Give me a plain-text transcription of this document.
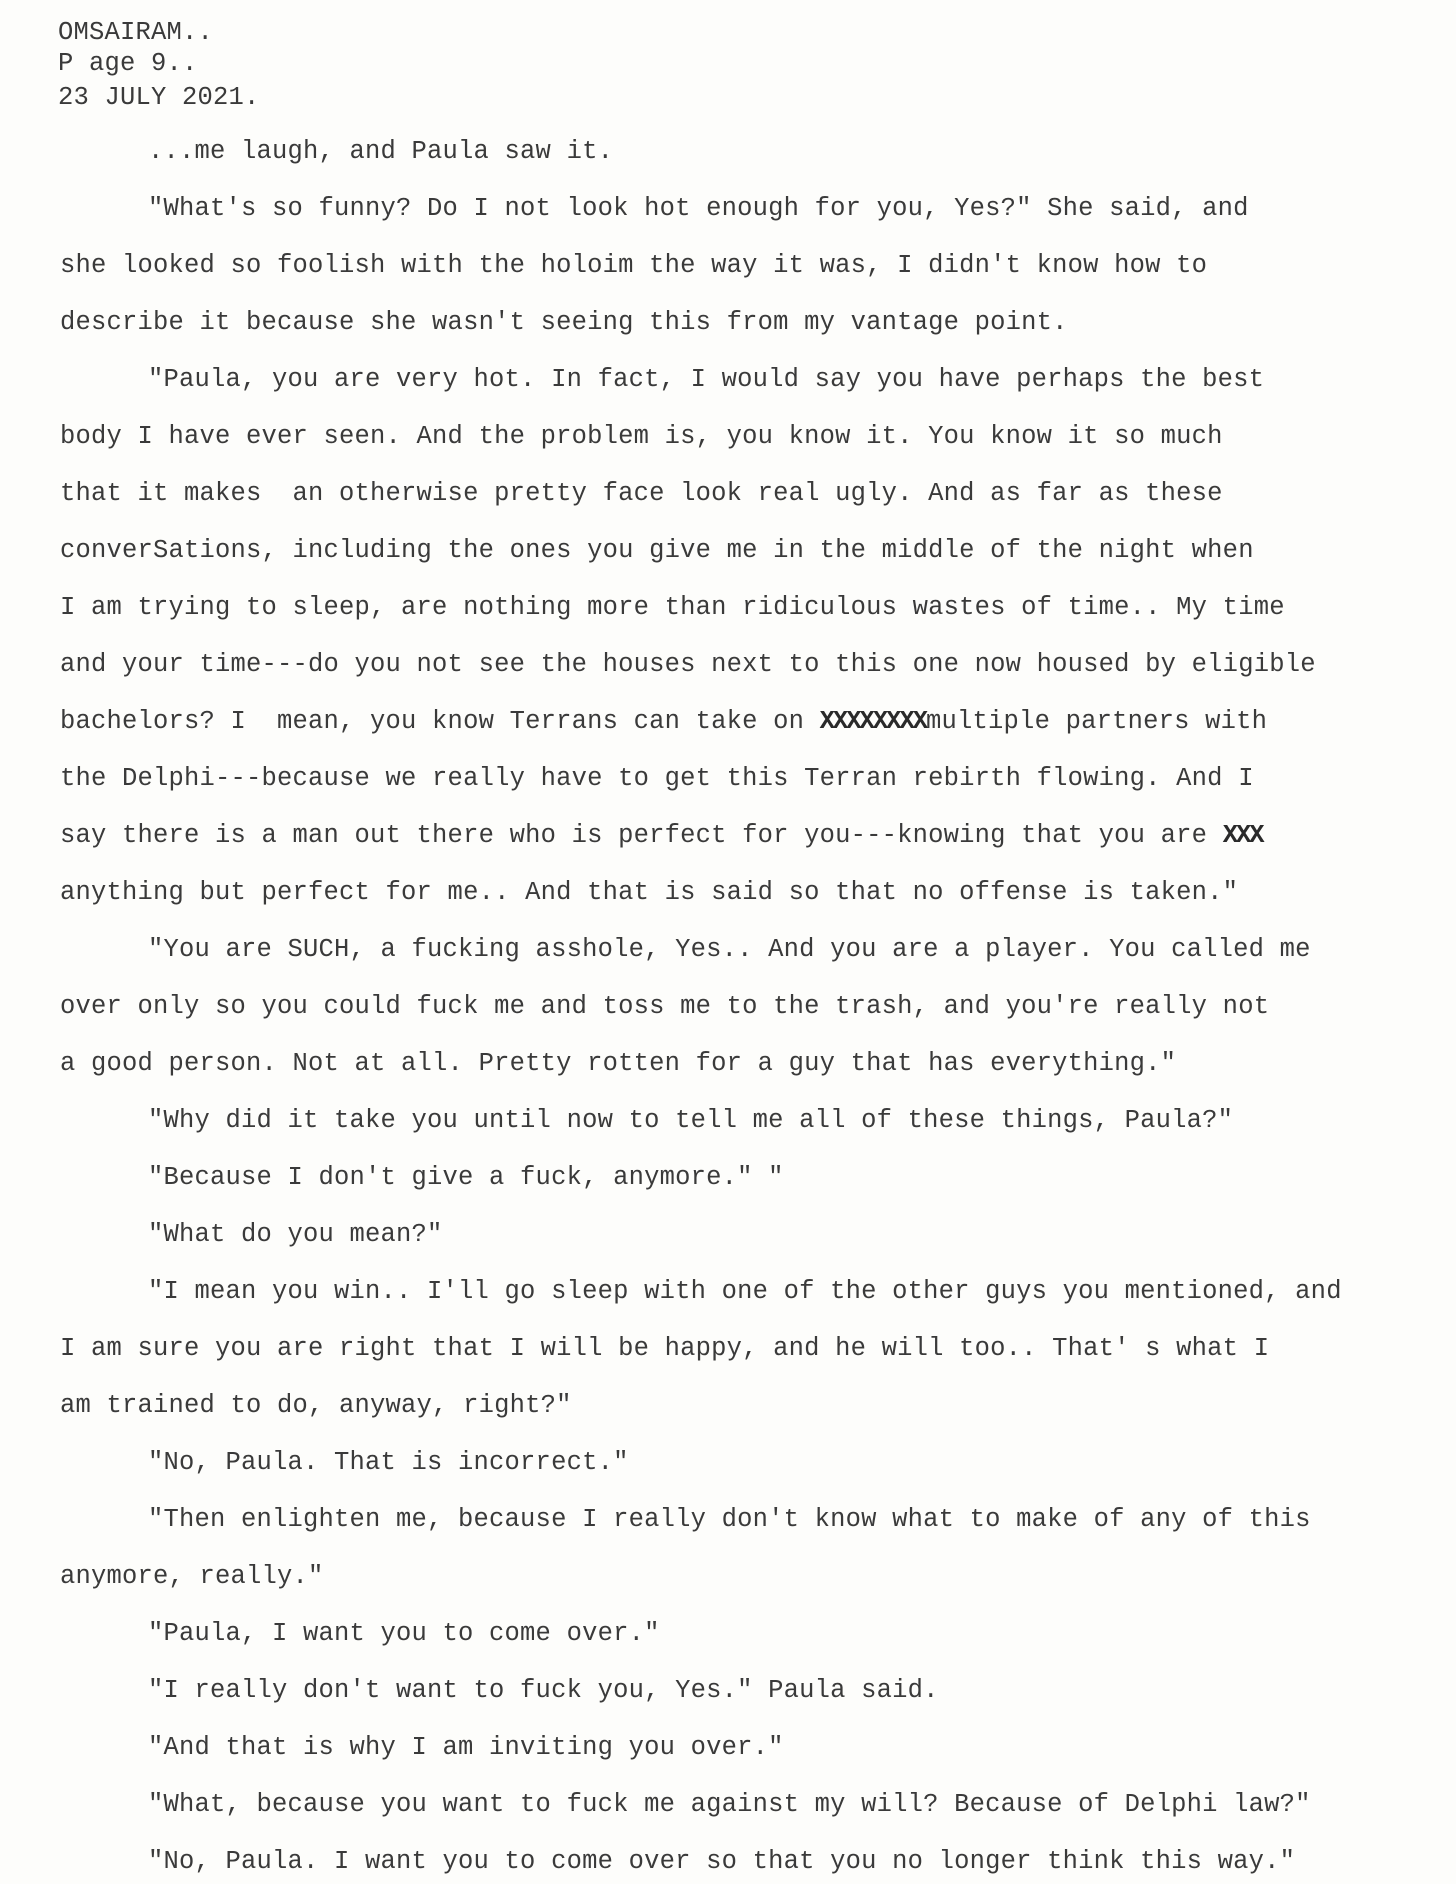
OMSAIRAM..
P age 9..
23 JULY 2021.
...me laugh, and Paula saw it.
"What's so funny? Do I not look hot enough for you, Yes?" She said, and
she looked so foolish with the holoim the way it was, I didn't know how to
describe it because she wasn't seeing this from my vantage point.
"Paula, you are very hot. In fact, I would say you have perhaps the best
body I have ever seen. And the problem is, you know it. You know it so much
that it makes  an otherwise pretty face look real ugly. And as far as these
converSations, including the ones you give me in the middle of the night when
I am trying to sleep, are nothing more than ridiculous wastes of time.. My time
and your time---do you not see the houses next to this one now housed by eligible
bachelors? I  mean, you know Terrans can take on XXXXXXXXmultiple partners with
the Delphi---because we really have to get this Terran rebirth flowing. And I
say there is a man out there who is perfect for you---knowing that you are XXX
anything but perfect for me.. And that is said so that no offense is taken."
"You are SUCH, a fucking asshole, Yes.. And you are a player. You called me
over only so you could fuck me and toss me to the trash, and you're really not
a good person. Not at all. Pretty rotten for a guy that has everything."
"Why did it take you until now to tell me all of these things, Paula?"
"Because I don't give a fuck, anymore." "
"What do you mean?"
"I mean you win.. I'll go sleep with one of the other guys you mentioned, and
I am sure you are right that I will be happy, and he will too.. That' s what I
am trained to do, anyway, right?"
"No, Paula. That is incorrect."
"Then enlighten me, because I really don't know what to make of any of this
anymore, really."
"Paula, I want you to come over."
"I really don't want to fuck you, Yes." Paula said.
"And that is why I am inviting you over."
"What, because you want to fuck me against my will? Because of Delphi law?"
"No, Paula. I want you to come over so that you no longer think this way."
